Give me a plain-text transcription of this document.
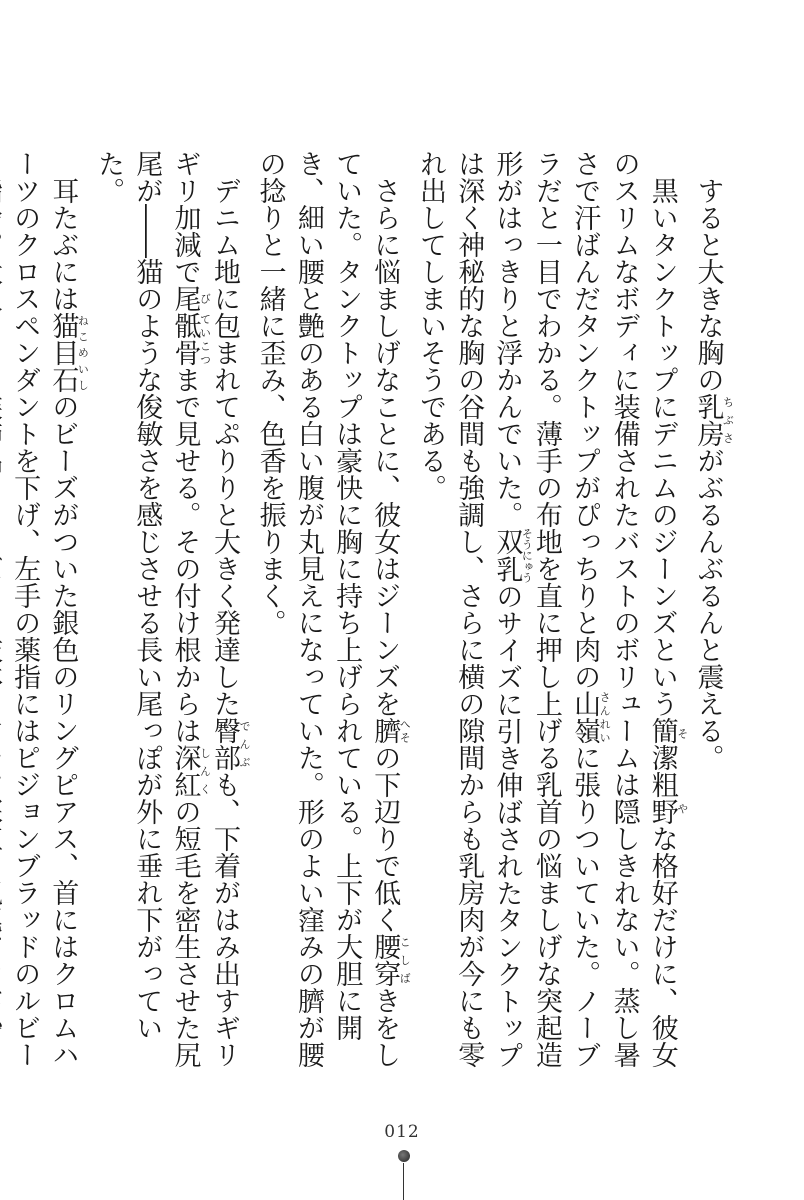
すると大きな胸の乳房ちぶさがぶるんぶるんと震える。

黒いタンクトップにデニムのジーンズという簡潔粗野そやな格好だけに、彼女のスリムなボディに装備されたバストのボリュームは隠しきれない。蒸し暑さで汗ばんだタンクトップがぴっちりと肉の山嶺さんれいに張りついていた。ノーブラだと一目でわかる。薄手の布地を直に押し上げる乳首の悩ましげな突起造形がはっきりと浮かんでいた。双乳そうにゅうのサイズに引き伸ばされたタンクトップは深く神秘的な胸の谷間も強調し、さらに横の隙間からも乳房肉が今にも零れ出してしまいそうである。

さらに悩ましげなことに、彼女はジーンズを臍へその下辺りで低く腰穿こしばきをしていた。タンクトップは豪快に胸に持ち上げられている。上下が大胆に開き、細い腰と艶のある白い腹が丸見えになっていた。形のよい窪みの臍が腰の捻りと一緒に歪み、色香を振りまく。

デニム地に包まれてぷりりと大きく発達した臀部でんぶも、下着がはみ出すギリギリ加減で尾び骶骨ていこつまで見せる。その付け根からは深紅しんくの短毛を密生させた尻尾が――猫のような俊敏さを感じさせる長い尾っぽが外に垂れ下がっていた。

耳たぶには猫目石ねこめいしのビーズがついた銀色のリングピアス、首にはクロムハーツのクロスペンダントを下げ、左手の薬指にはピジョンブラッドのルビー

012
